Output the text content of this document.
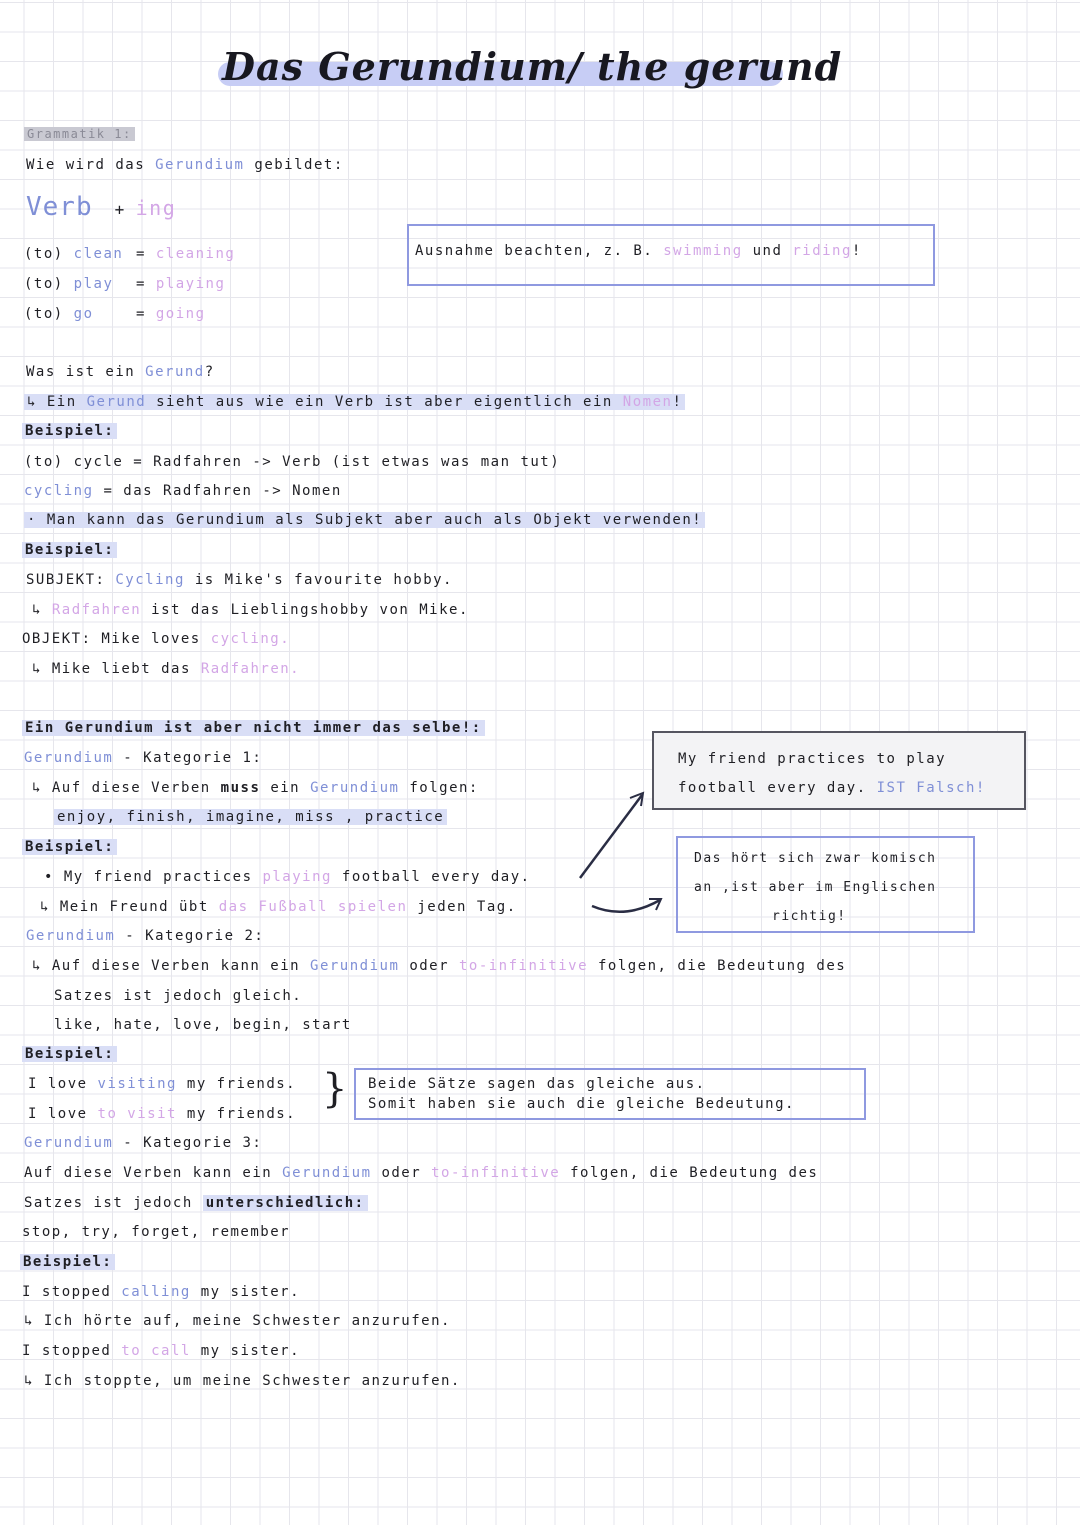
Das Gerundium/ the gerund
Grammatik 1:
Wie wird das Gerundium gebildet:
Verb + ing
(to) clean = cleaning
(to) play = playing
(to) go	= going
Ausnahme beachten, z. B. swimming und riding!
Was ist ein Gerund?
↳ Ein Gerund sieht aus wie ein Verb ist aber eigentlich ein Nomen!
Beispiel:
(to) cycle = Radfahren -> Verb (ist etwas was man tut)
cycling = das Radfahren -> Nomen
· Man kann das Gerundium als Subjekt aber auch als Objekt verwenden!
Beispiel:
SUBJEKT: Cycling is Mike's favourite hobby.
↳ Radfahren ist das Lieblingshobby von Mike.
OBJEKT: Mike loves cycling.
↳ Mike liebt das Radfahren.
Ein Gerundium ist aber nicht immer das selbe!:
Gerundium - Kategorie 1:
↳ Auf diese Verben muss ein Gerundium folgen:
enjoy, finish, imagine, miss , practice
Beispiel:
• My friend practices playing football every day.
↳ Mein Freund übt das Fußball spielen jeden Tag.
My friend practices to play
football every day. IST Falsch!
Das hört sich zwar komisch
an ,ist aber im Englischen
richtig!
Gerundium - Kategorie 2:
↳ Auf diese Verben kann ein Gerundium oder to-infinitive folgen, die Bedeutung des
Satzes ist jedoch gleich.
like, hate, love, begin, start
Beispiel:
I love visiting my friends.
I love to visit my friends.
} Beide Sätze sagen das gleiche aus.
Somit haben sie auch die gleiche Bedeutung.
Gerundium - Kategorie 3:
Auf diese Verben kann ein Gerundium oder to-infinitive folgen, die Bedeutung des
Satzes ist jedoch unterschiedlich:
stop, try, forget, remember
Beispiel:
I stopped calling my sister.
↳ Ich hörte auf, meine Schwester anzurufen.
I stopped to call my sister.
↳ Ich stoppte, um meine Schwester anzurufen.
